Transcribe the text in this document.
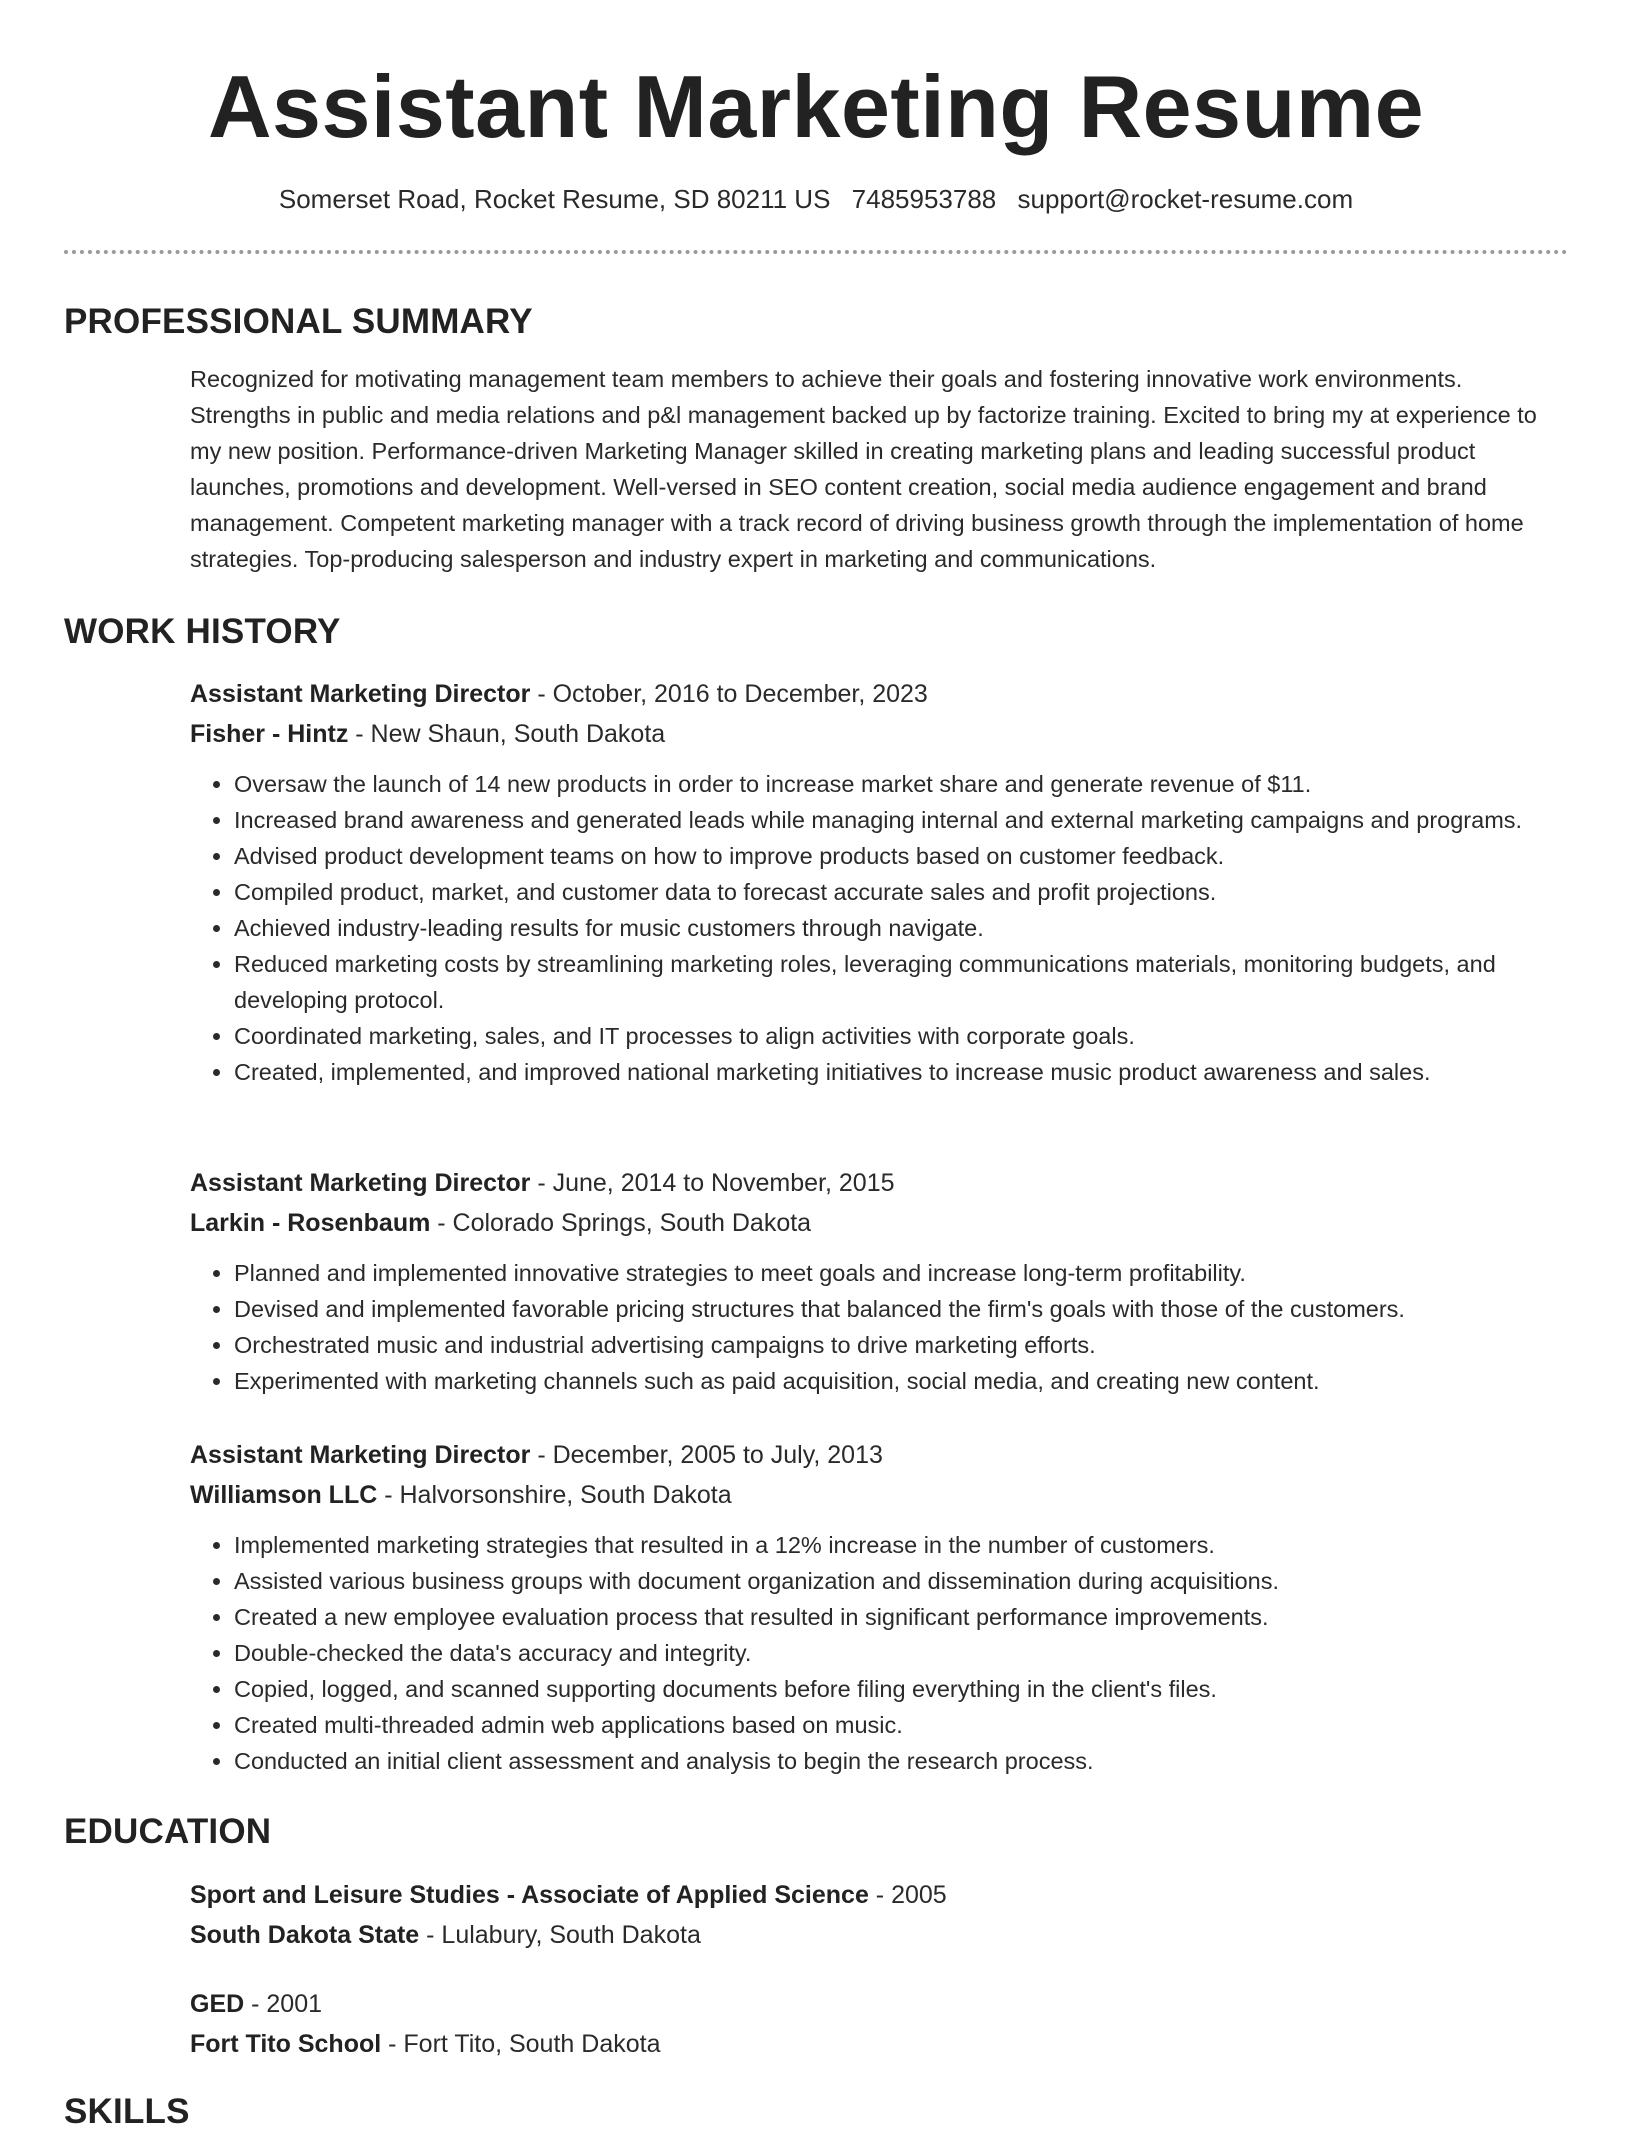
Assistant Marketing Resume
Somerset Road, Rocket Resume, SD 80211 US 7485953788 support@rocket-resume.com
PROFESSIONAL SUMMARY

Recognized for motivating management team members to achieve their goals and fostering innovative work environments. Strengths in public and media relations and p&l management backed up by factorize training. Excited to bring my at experience to my new position. Performance-driven Marketing Manager skilled in creating marketing plans and leading successful product launches, promotions and development. Well-versed in SEO content creation, social media audience engagement and brand management. Competent marketing manager with a track record of driving business growth through the implementation of home strategies. Top-producing salesperson and industry expert in marketing and communications.

WORK HISTORY
Assistant Marketing Director - October, 2016 to December, 2023
Fisher - Hintz - New Shaun, South Dakota
• Oversaw the launch of 14 new products in order to increase market share and generate revenue of $11.
• Increased brand awareness and generated leads while managing internal and external marketing campaigns and programs.
• Advised product development teams on how to improve products based on customer feedback.
• Compiled product, market, and customer data to forecast accurate sales and profit projections.
• Achieved industry-leading results for music customers through navigate.
• Reduced marketing costs by streamlining marketing roles, leveraging communications materials, monitoring budgets, and developing protocol.
• Coordinated marketing, sales, and IT processes to align activities with corporate goals.
• Created, implemented, and improved national marketing initiatives to increase music product awareness and sales.
Assistant Marketing Director - June, 2014 to November, 2015
Larkin - Rosenbaum - Colorado Springs, South Dakota
• Planned and implemented innovative strategies to meet goals and increase long-term profitability.
• Devised and implemented favorable pricing structures that balanced the firm's goals with those of the customers.
• Orchestrated music and industrial advertising campaigns to drive marketing efforts.
• Experimented with marketing channels such as paid acquisition, social media, and creating new content.
Assistant Marketing Director - December, 2005 to July, 2013
Williamson LLC - Halvorsonshire, South Dakota
• Implemented marketing strategies that resulted in a 12% increase in the number of customers.
• Assisted various business groups with document organization and dissemination during acquisitions.
• Created a new employee evaluation process that resulted in significant performance improvements.
• Double-checked the data's accuracy and integrity.
• Copied, logged, and scanned supporting documents before filing everything in the client's files.
• Created multi-threaded admin web applications based on music.
• Conducted an initial client assessment and analysis to begin the research process.
EDUCATION
Sport and Leisure Studies - Associate of Applied Science - 2005
South Dakota State - Lulabury, South Dakota
GED - 2001
Fort Tito School - Fort Tito, South Dakota
SKILLS
